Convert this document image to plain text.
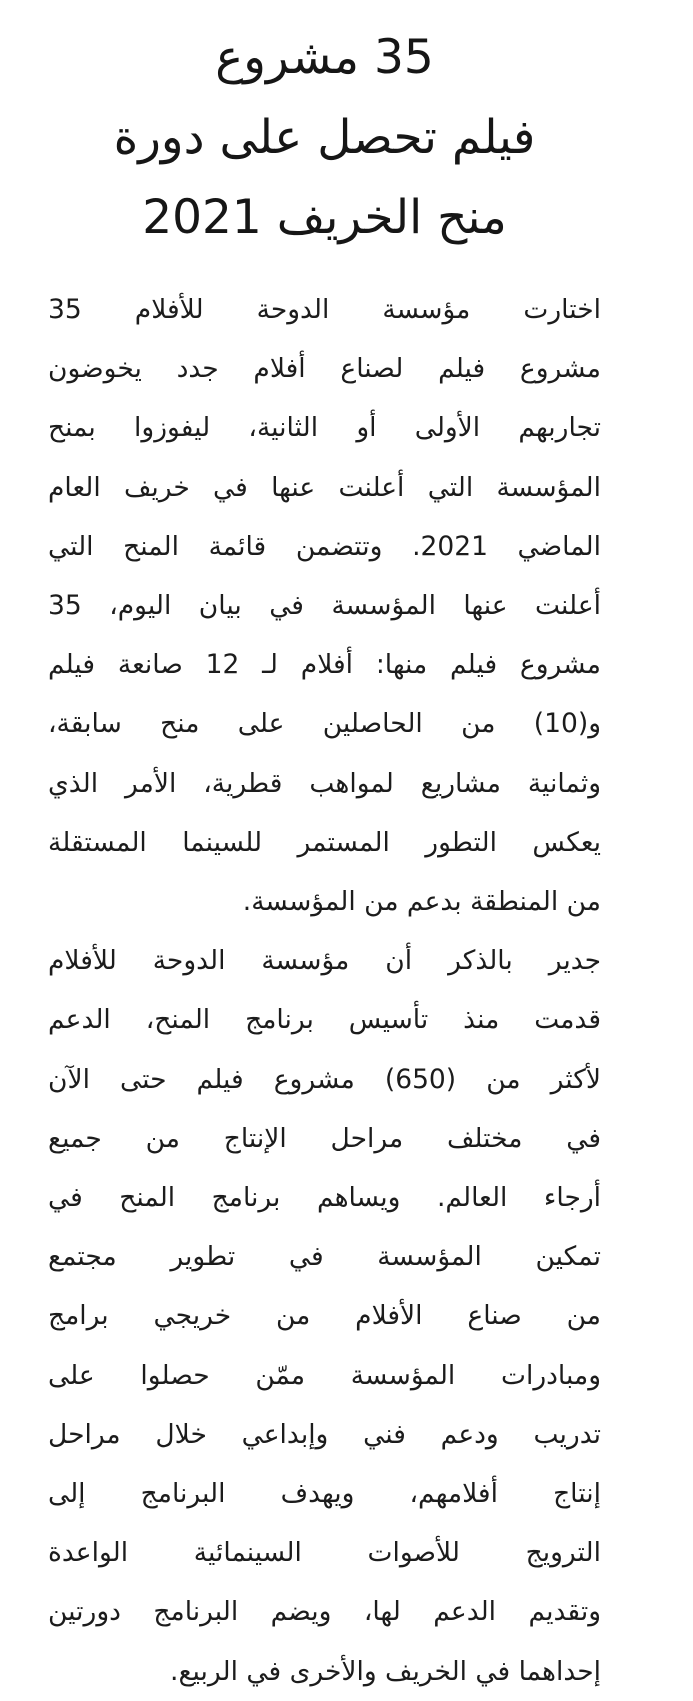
35 مشروع
فيلم تحصل على دورة
منح الخريف 2021
اختارت مؤسسة الدوحة للأفلام 35
مشروع فيلم لصناع أفلام جدد يخوضون
تجاربهم الأولى أو الثانية، ليفوزوا بمنح
المؤسسة التي أعلنت عنها في خريف العام
الماضي 2021. وتتضمن قائمة المنح التي
أعلنت عنها المؤسسة في بيان اليوم، 35
مشروع فيلم منها: أفلام لـ 12 صانعة فيلم
و(10) من الحاصلين على منح سابقة،
وثمانية مشاريع لمواهب قطرية، الأمر الذي
يعكس التطور المستمر للسينما المستقلة
من المنطقة بدعم من المؤسسة.
جدير بالذكر أن مؤسسة الدوحة للأفلام
قدمت منذ تأسيس برنامج المنح، الدعم
لأكثر من (650) مشروع فيلم حتى الآن
في مختلف مراحل الإنتاج من جميع
أرجاء العالم. ويساهم برنامج المنح في
تمكين المؤسسة في تطوير مجتمع
من صناع الأفلام من خريجي برامج
ومبادرات المؤسسة ممّن حصلوا على
تدريب ودعم فني وإبداعي خلال مراحل
إنتاج أفلامهم، ويهدف البرنامج إلى
الترويج للأصوات السينمائية الواعدة
وتقديم الدعم لها، ويضم البرنامج دورتين
إحداهما في الخريف والأخرى في الربيع.
